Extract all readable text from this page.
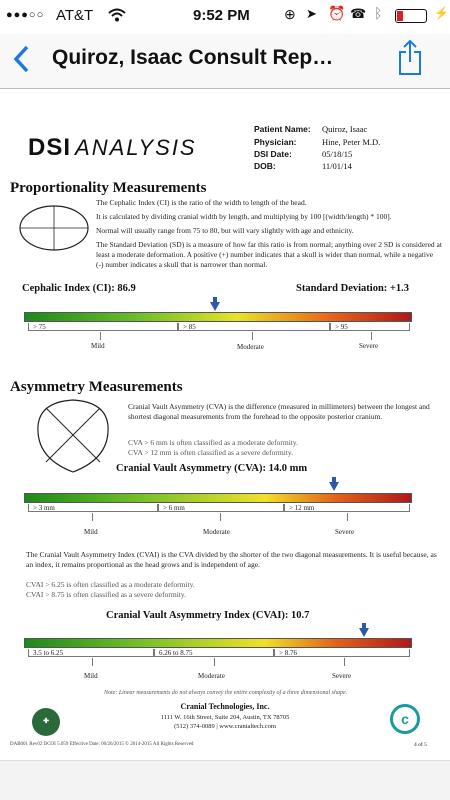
●●●○○ AT&T	9:52 PM ⊕ ➤ ⏰ ☎ ᛒ	⚡
Quiroz, Isaac Consult Rep…
DSI ANALYSIS
Patient Name: Quiroz, Isaac
Physician:	Hine, Peter M.D.
DSI Date:	05/18/15
DOB:	11/01/14
Proportionality Measurements
The Cephalic Index (CI) is the ratio of the width to length of the head.
It is calculated by dividing cranial width by length, and multiplying by 100 [(width/length) * 100].
Normal will usually range from 75 to 80, but will vary slightly with age and ethnicity.
The Standard Deviation (SD) is a measure of how far this ratio is from normal; anything over 2 SD is considered at least a moderate deformation. A positive (+) number indicates that a skull is wider than normal, while a negative (-) number indicates a skull that is narrower than normal.
Cephalic Index (CI): 86.9	Standard Deviation: +1.3
> 75	> 85	> 95
Mild	Moderate	Severe
Asymmetry Measurements
Cranial Vault Asymmetry (CVA) is the difference (measured in millimeters) between the longest and shortest diagonal measurements from the forehead to the opposite posterior cranium.
CVA > 6 mm is often classified as a moderate deformity.
CVA > 12 mm is often classified as a severe deformity.
Cranial Vault Asymmetry (CVA): 14.0 mm
> 3 mm	> 6 mm	> 12 mm
Mild	Moderate	Severe
The Cranial Vault Asymmetry Index (CVAI) is the CVA divided by the shorter of the two diagonal measurements. It is useful because, as an index, it remains proportional as the head grows and is independent of age.
CVAI > 6.25 is often classified as a moderate deformity.
CVAI > 8.75 is often classified as a severe deformity.
Cranial Vault Asymmetry Index (CVAI): 10.7
3.5 to 6.25	6.26 to 8.75	> 8.76
Mild	Moderate	Severe
Note: Linear measurements do not always convey the entire complexity of a three dimensional shape.
✚
Cranial Technologies, Inc.
1111 W. 16th Street, Suite 204, Austin, TX 78705
(512) 374-0089 | www.cranialtech.com	c
DAB001 Rev02 DCOI 5.059 Effective Date: 06/26/2015 © 2014-2015 All Rights Reserved	4 of 5
